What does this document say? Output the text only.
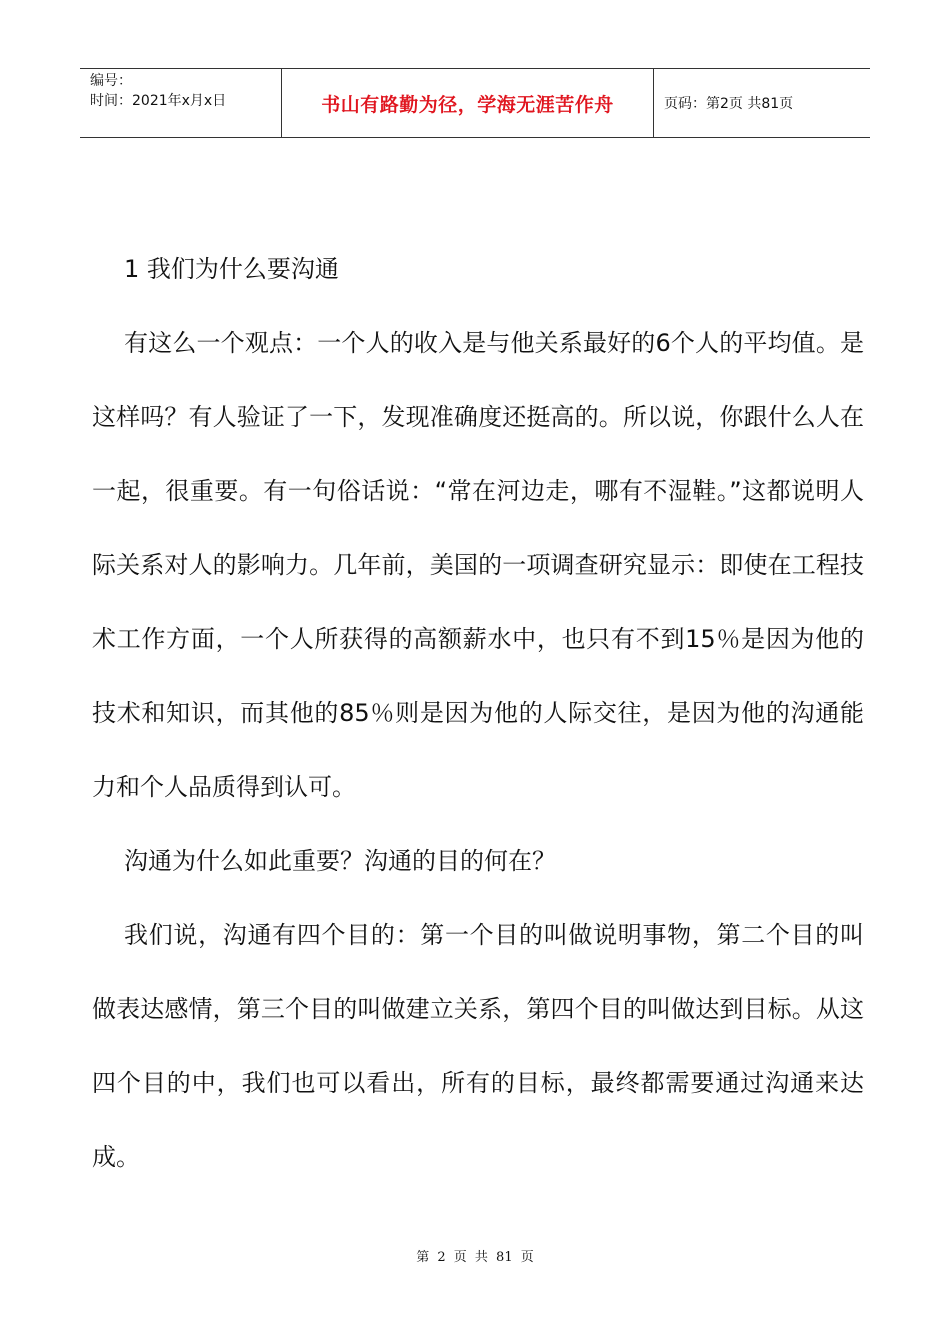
编号：
时间：2021年x月x日	书山有路勤为径，学海无涯苦作舟	页码：第2页 共81页

1 我们为什么要沟通

有这么一个观点：一个人的收入是与他关系最好的6个人的平均值。是这样吗？有人验证了一下，发现准确度还挺高的。所以说，你跟什么人在一起，很重要。有一句俗话说：“常在河边走，哪有不湿鞋。”这都说明人际关系对人的影响力。几年前，美国的一项调查研究显示：即使在工程技术工作方面，一个人所获得的高额薪水中，也只有不到15％是因为他的技术和知识，而其他的85％则是因为他的人际交往，是因为他的沟通能力和个人品质得到认可。

沟通为什么如此重要？沟通的目的何在？

我们说，沟通有四个目的：第一个目的叫做说明事物，第二个目的叫做表达感情，第三个目的叫做建立关系，第四个目的叫做达到目标。从这四个目的中，我们也可以看出，所有的目标，最终都需要通过沟通来达成。

第 2 页 共 81 页
